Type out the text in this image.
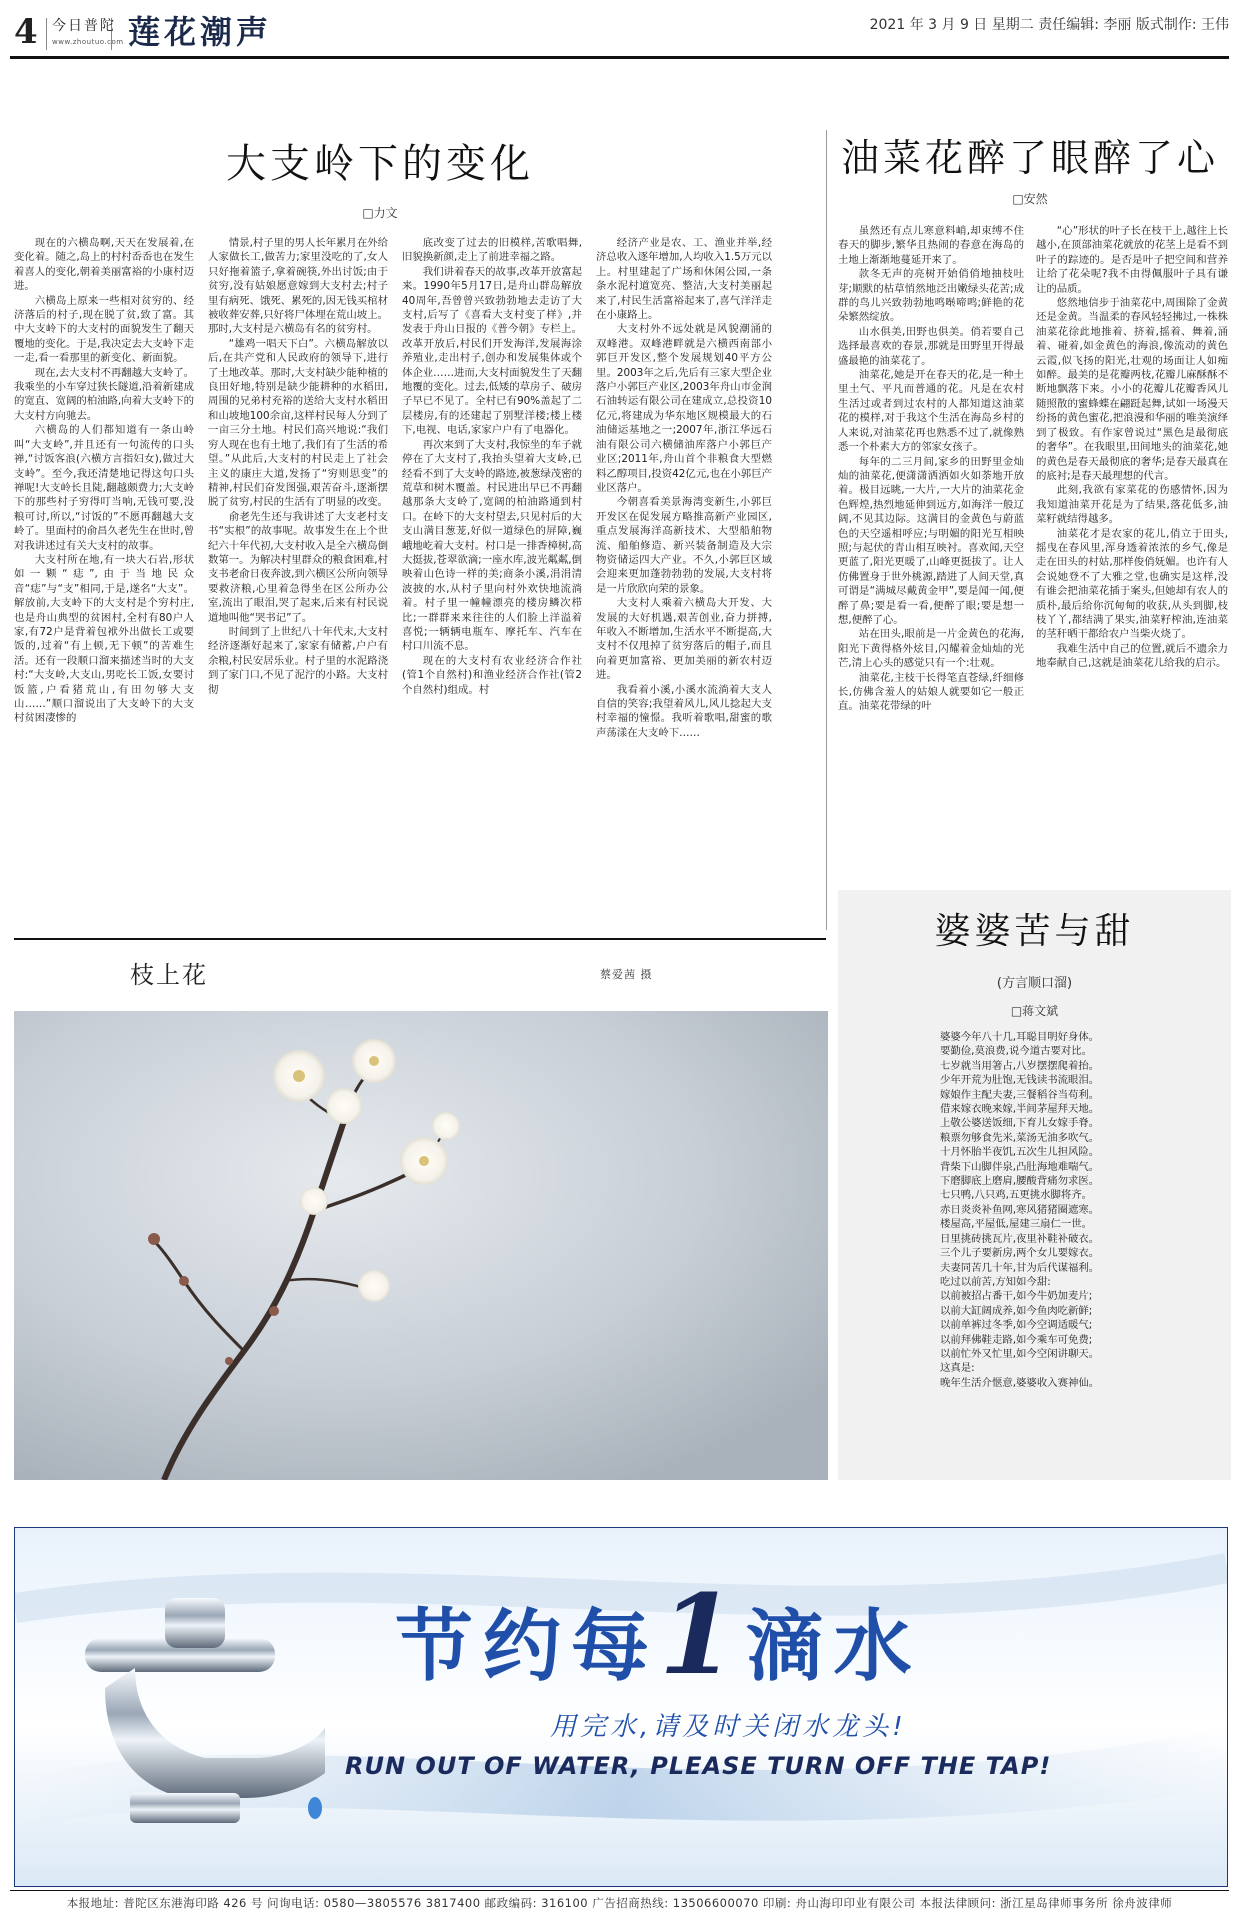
4 今日普陀
www.zhoutuo.com 莲花潮声	2021 年 3 月 9 日 星期二 责任编辑: 李丽 版式制作: 王伟
大支岭下的变化
□力文

现在的六横岛啊,天天在发展着,在变化着。随之,岛上的村村岙岙也在发生着喜人的变化,朝着美丽富裕的小康村迈进。

六横岛上原来一些相对贫穷的、经济落后的村子,现在脱了贫,致了富。其中大支岭下的大支村的面貌发生了翻天覆地的变化。于是,我决定去大支岭下走一走,看一看那里的新变化、新面貌。

现在,去大支村不再翻越大支岭了。我乘坐的小车穿过狭长隧道,沿着新建成的宽直、宽阔的柏油路,向着大支岭下的大支村方向驰去。

六横岛的人们都知道有一条山岭叫“大支岭”,并且还有一句流传的口头禅,“讨饭客浪(六横方言指妇女),做过大支岭”。至今,我还清楚地记得这句口头禅呢!大支岭长且陡,翻越颇费力;大支岭下的那些村子穷得叮当响,无钱可要,没粮可讨,所以,“讨饭的”不愿再翻越大支岭了。里面村的俞昌久老先生在世时,曾对我讲述过有关大支村的故事。

大支村所在地,有一块大石岩,形状如一颗“痣”,由于当地民众音“痣”与“支”相同,于是,遂名“大支”。解放前,大支岭下的大支村是个穷村庄,也是舟山典型的贫困村,全村有80户人家,有72户是背着包袱外出做长工或要饭的,过着“有上顿,无下顿”的苦难生活。还有一段顺口溜来描述当时的大支村:“大支岭,大支山,男吃长工饭,女要讨饭篮,户看猪荒山,有田勿够大支山……”顺口溜说出了大支岭下的大支村贫困凄惨的

情景,村子里的男人长年累月在外给人家做长工,做苦力;家里没吃的了,女人只好拖着篮子,拿着碗筷,外出讨饭;由于贫穷,没有姑娘愿意嫁到大支村去;村子里有病死、饿死、累死的,因无钱买棺材被收葬安葬,只好将尸体埋在荒山坡上。那时,大支村是六横岛有名的贫穷村。

“雄鸡一唱天下白”。六横岛解放以后,在共产党和人民政府的领导下,进行了土地改革。那时,大支村缺少能种植的良田好地,特别是缺少能耕种的水稻田,周围的兄弟村充裕的送给大支村水稻田和山坡地100余亩,这样村民每人分到了一亩三分土地。村民们高兴地说:“我们穷人现在也有土地了,我们有了生活的希望。”从此后,大支村的村民走上了社会主义的康庄大道,发扬了“穷则思变”的精神,村民们奋发图强,艰苦奋斗,逐渐摆脱了贫穷,村民的生活有了明显的改变。

俞老先生还与我讲述了大支老村支书“实根”的故事呢。故事发生在上个世纪六十年代初,大支村收入是全六横岛倒数第一。为解决村里群众的粮食困难,村支书老俞日夜奔波,到六横区公所向领导要救济粮,心里着急得坐在区公所办公室,流出了眼泪,哭了起来,后来有村民说道地叫他“哭书记”了。

时间到了上世纪八十年代末,大支村经济逐渐好起来了,家家有储蓄,户户有余粮,村民安居乐业。村子里的水泥路浇到了家门口,不见了泥泞的小路。大支村彻

底改变了过去的旧模样,苦歌唱舞,旧貌换新颜,走上了前进幸福之路。

我们讲着春天的故事,改革开放富起来。1990年5月17日,是舟山群岛解放40周年,吾曾曾兴致勃勃地去走访了大支村,后写了《喜看大支村变了样》,并发表于舟山日报的《普今朝》专栏上。改革开放后,村民们开发海洋,发展海涂养殖业,走出村子,创办和发展集体或个体企业……进而,大支村面貌发生了天翻地覆的变化。过去,低矮的草房子、破房子早已不见了。全村已有90%盖起了二层楼房,有的还建起了别墅洋楼;楼上楼下,电视、电话,家家户户有了电器化。

再次来到了大支村,我惊坐的车子就停在了大支村了,我抬头望着大支岭,已经看不到了大支岭的路迹,被葱绿茂密的荒草和树木覆盖。村民进出早已不再翻越那条大支岭了,宽阔的柏油路通到村口。在岭下的大支村望去,只见村后的大支山满目葱茏,好似一道绿色的屏障,巍峨地屹着大支村。村口是一排香樟树,高大挺拔,苍翠欲滴;一座水库,波光粼粼,倒映着山色诗一样的美;商条小溪,涓涓清波披的水,从村子里向村外欢快地流淌着。村子里一幢幢漂亮的楼房鳞次栉比;一群群来来往往的人们脸上洋溢着喜悦;一辆辆电瓶车、摩托车、汽车在村口川流不息。

现在的大支村有农业经济合作社(管1个自然村)和渔业经济合作社(管2个自然村)组成。村

经济产业是农、工、渔业并举,经济总收入逐年增加,人均收入1.5万元以上。村里建起了广场和休闲公园,一条条水泥村道宽亮、整洁,大支村美丽起来了,村民生活富裕起来了,喜气洋洋走在小康路上。

大支村外不远处就是风貌潮涌的双峰港。双峰港畔就是六横西南部小郭巨开发区,整个发展规划40平方公里。2003年之后,先后有三家大型企业落户小郭巨产业区,2003年舟山市金润石油转运有限公司在建成立,总投资10亿元,将建成为华东地区规模最大的石油储运基地之一;2007年,浙江华远石油有限公司六横储油库落户小郭巨产业区;2011年,舟山首个非粮食大型燃料乙醇项目,投资42亿元,也在小郭巨产业区落户。

今朝喜看美景海湾变新生,小郭巨开发区在促发展方略推高新产业园区,重点发展海洋高新技术、大型船舶物流、船舶修造、新兴装备制造及大宗物资储运四大产业。不久,小郭巨区域会迎来更加蓬勃勃勃的发展,大支村将是一片欣欣向荣的景象。

大支村人乘着六横岛大开发、大发展的大好机遇,艰苦创业,奋力拼搏,年收入不断增加,生活水平不断提高,大支村不仅甩掉了贫穷落后的帽子,而且向着更加富裕、更加美丽的新农村迈进。

我看着小溪,小溪水流淌着大支人自信的笑容;我望着风儿,风儿捻起大支村幸福的憧憬。我听着歌唱,甜蜜的歌声荡漾在大支岭下……

油菜花醉了眼醉了心
□安然

虽然还有点儿寒意料峭,却束缚不住春天的脚步,繁华且热闹的春意在海岛的土地上渐渐地蔓延开来了。

款冬无声的亮树开始俏俏地抽枝吐芽;顺默的枯草悄然地泛出嫩绿头花苦;成群的鸟儿兴致勃勃地鸣啭啼鸣;鲜艳的花朵繁然绽放。

山水俱美,田野也俱美。俏若要自己选择最喜欢的春景,那就是田野里开得最盛最艳的油菜花了。

油菜花,她是开在春天的花,是一种土里土气、平凡而普通的花。凡是在农村生活过或者到过农村的人都知道这油菜花的模样,对于我这个生活在海岛乡村的人来说,对油菜花再也熟悉不过了,就像熟悉一个朴素大方的邻家女孩子。

每年的二三月间,家乡的田野里金灿灿的油菜花,便潇潇洒洒如火如荼地开放着。极目远眺,一大片,一大片的油菜花金色辉煌,热烈地延伸到远方,如海洋一般辽阔,不见其边际。这满目的金黄色与蔚蓝色的天空遥相呼应;与明媚的阳光互相映照;与起伏的青山相互映衬。喜欢闻,天空更蓝了,阳光更暖了,山峰更挺拔了。让人仿佛置身于世外桃源,踏进了人间天堂,真可谓是“满城尽戴黄金甲”,要是闻一闻,便醉了鼻;要是看一看,便醉了眼;要是想一想,便醉了心。

站在田头,眼前是一片金黄色的花海,阳光下黄得格外炫目,闪耀着金灿灿的光芒,清上心头的感觉只有一个:壮观。

油菜花,主枝干长得笔直苍绿,纤细修长,仿佛含羞人的姑娘人就要如它一般正直。油菜花带绿的叶

“心”形状的叶子长在枝干上,越往上长越小,在顶部油菜花就放的花茎上是看不到叶子的踪迹的。是否是叶子把空间和营养让给了花朵呢?我不由得佩服叶子具有谦让的品质。

悠然地信步于油菜花中,周围除了金黄还是金黄。当温柔的春风轻轻拂过,一株株油菜花徐此地推着、挤着,摇着、舞着,涌着、碰着,如金黄色的海浪,像流动的黄色云霞,似飞扬的阳光,壮观的场面让人如痴如醉。最美的是花瓣两枝,花瓣儿麻酥酥不断地飘落下来。小小的花瓣儿花瓣香风儿随照散的蜜蜂蝶在翩跹起舞,试如一场漫天纷扬的黄色蜜花,把浪漫和华丽的唯美演绎到了极致。有作家曾说过“黑色是最彻底的奢华”。在我眼里,田间地头的油菜花,她的黄色是春天最彻底的奢华;是春天最真在的底衬;是春天最理想的代言。

此刻,我欲有家菜花的伤感情怀,因为我知道油菜开花是为了结果,落花低多,油菜籽就结得越多。

油菜花才是农家的花儿,俏立于田头,摇曳在春风里,浑身透着浓浓的乡气,像是走在田头的村姑,那样俊俏妩媚。也许有人会说她登不了大雅之堂,也确实是这样,没有谁会把油菜花插于案头,但她却有农人的质朴,最后给你沉甸甸的收获,从头到脚,枝枝丫丫,都结满了果实,油菜籽榨油,连油菜的茎秆晒干都给农户当柴火烧了。

我难生活中自己的位置,就后不遗余力地奉献自己,这就是油菜花儿给我的启示。

枝上花	蔡爱茜 摄
婆婆苦与甜
(方言顺口溜)
□蒋文斌

婆婆今年八十几,耳聪目明好身体。

要勤俭,莫浪费,说今道古要对比。

七岁就当用箸占,八岁摆摆爬着抬。

少年开荒为肚饱,无钱读书流眼泪。

嫁娘作主配夫妻,三餐稻谷当苟利。

借来嫁衣晚来嫁,半间茅屋拜天地。

上敬公婆送饭细,下育儿女嫁手脊。

粮票勿够食先米,菜汤无油多吹气。

十月怀胎半夜饥,五次生儿担风险。

背柴下山脚伴泉,凸肚海地难喘气。

下磨脚底上磨肩,腰酸背痛勿求医。

七只鸭,八只鸡,五更挑水脚将齐。

赤日炎炎补鱼网,寒风猪猪圈遮寒。

楼屋高,平屋低,屋建三扇仁一世。

日里挑砖挑瓦片,夜里补鞋补破衣。

三个儿子要新房,两个女儿要嫁衣。

夫妻同苦几十年,甘为后代谋福利。

吃过以前苦,方知如今甜:

以前被招占番干,如今牛奶加麦片;

以前大缸阔成养,如今鱼肉吃新鲜;

以前单裤过冬季,如今空调适暖气;

以前拜佛鞋走路,如今乘车可免费;

以前忙外又忙里,如今空闲讲聊天。

这真是:

晚年生活介惬意,婆婆收入赛神仙。

节约每1滴水
用完水,请及时关闭水龙头!
RUN OUT OF WATER, PLEASE TURN OFF THE TAP!
本报地址: 普陀区东港海印路 426 号 问询电话: 0580—3805576 3817400 邮政编码: 316100 广告招商热线: 13506600070 印刷: 舟山海印印业有限公司 本报法律顾问: 浙江星岛律师事务所 徐舟波律师
